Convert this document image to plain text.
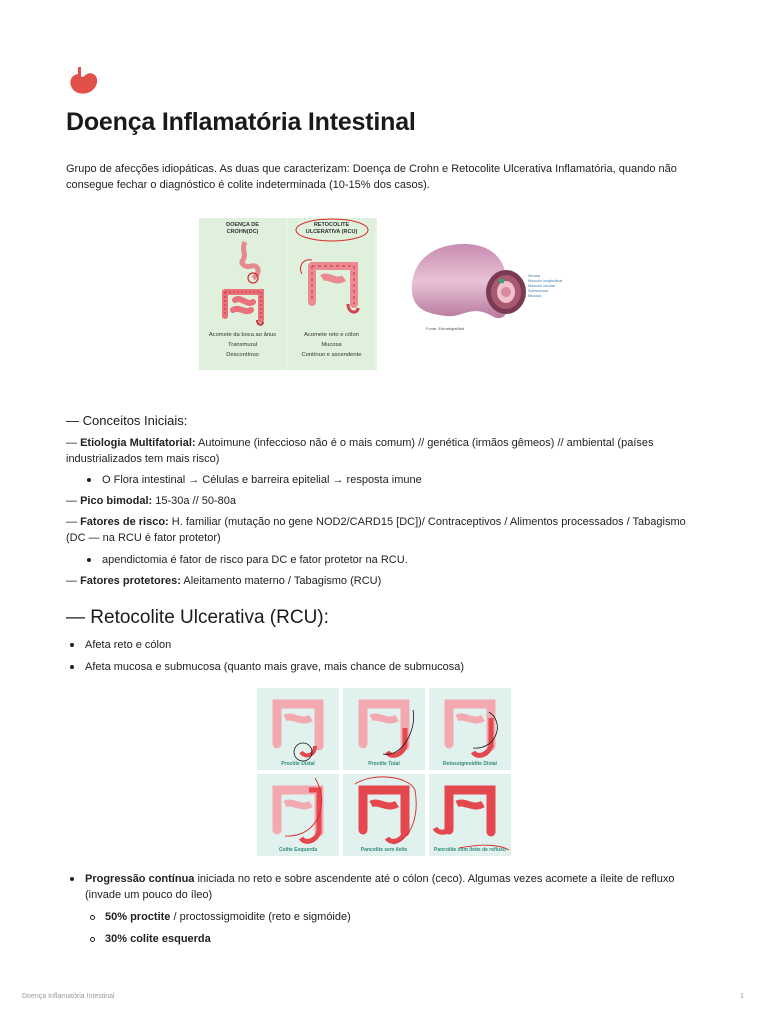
Doença Inflamatória Intestinal

Grupo de afecções idiopáticas. As duas que caracterizam: Doença de Crohn e Retocolite Ulcerativa Inflamatória, quando não consegue fechar o diagnóstico é colite indeterminada (10-15% dos casos).

DOENÇA DE
CROHN(DC)
Acomete da boca ao ânus
Transmural
Descontínuo
RETOCOLITE
ULCERATIVA (RCU)
Acomete reto e cólon
Mucosa
Contínuo e ascendente
Serosa
Músculo longitudinal
Músculo circular
Submucosa
Mucosa
Fonte: EstratégiaMed
— Conceitos Iniciais:

— Etiologia Multifatorial: Autoimune (infeccioso não é o mais comum) // genética (irmãos gêmeos) // ambiental (países industrializados tem mais risco)

O Flora intestinal → Células e barreira epitelial → resposta imune

— Pico bimodal: 15-30a // 50-80a

— Fatores de risco: H. familiar (mutação no gene NOD2/CARD15 [DC])/ Contraceptivos / Alimentos processados / Tabagismo (DC — na RCU é fator protetor)

apendictomia é fator de risco para DC e fator protetor na RCU.

— Fatores protetores: Aleitamento materno / Tabagismo (RCU)

— Retocolite Ulcerativa (RCU):
Afeta reto e cólon
Afeta mucosa e submucosa (quanto mais grave, mais chance de submucosa)
Proctite Distal	Proctite Total	Retossigmoidite Distal
Colite Esquerda	Pancolite sem ileíte	Pancolite com ileíte de refluxo

Progressão contínua iniciada no reto e sobre ascendente até o cólon (ceco). Algumas vezes acomete a íleite de refluxo (invade um pouco do íleo)

50% proctite / proctossigmoidite (reto e sigmóide)
30% colite esquerda
Doença Inflamatória Intestinal	1
